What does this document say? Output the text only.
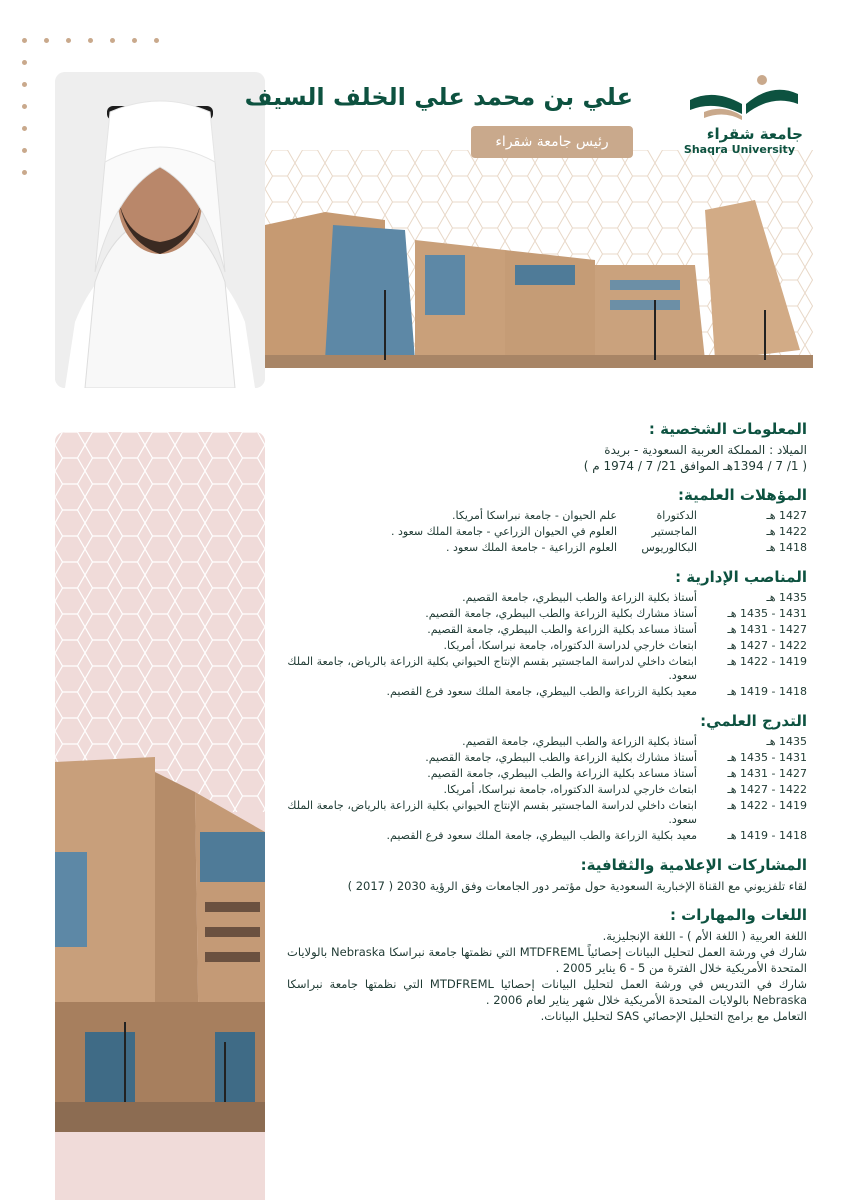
علي بن محمد علي الخلف السيف
رئيس جامعة شقراء	جامعة شقراء
Shaqra University
المعلومات الشخصية :
الميلاد : المملكة العربية السعودية - بريدة
( 1/ 7 / 1394هـ الموافق 21/ 7 / 1974 م )
المؤهلات العلمية:
1427 هـ	الدكتوراة	علم الحيوان - جامعة نبراسكا أمريكا.
1422 هـ	الماجستير	العلوم في الحيوان الزراعي - جامعة الملك سعود .
1418 هـ	البكالوريوس	العلوم الزراعية - جامعة الملك سعود .
المناصب الإدارية :
1435 هـ	أستاذ بكلية الزراعة والطب البيطري، جامعة القصيم.
1431 - 1435 هـ	أستاذ مشارك بكلية الزراعة والطب البيطري، جامعة القصيم.
1427 - 1431 هـ	أستاذ مساعد بكلية الزراعة والطب البيطري، جامعة القصيم.
1422 - 1427 هـ	ابتعاث خارجي لدراسة الدكتوراه، جامعة نبراسكا، أمريكا.
1419 - 1422 هـ	ابتعاث داخلي لدراسة الماجستير بقسم الإنتاج الحيواني بكلية الزراعة بالرياض، جامعة الملك سعود.
1418 - 1419 هـ	معيد بكلية الزراعة والطب البيطري، جامعة الملك سعود فرع القصيم.
التدرج العلمي:
1435 هـ	أستاذ بكلية الزراعة والطب البيطري، جامعة القصيم.
1431 - 1435 هـ	أستاذ مشارك بكلية الزراعة والطب البيطري، جامعة القصيم.
1427 - 1431 هـ	أستاذ مساعد بكلية الزراعة والطب البيطري، جامعة القصيم.
1422 - 1427 هـ	ابتعاث خارجي لدراسة الدكتوراه، جامعة نبراسكا، أمريكا.
1419 - 1422 هـ	ابتعاث داخلي لدراسة الماجستير بقسم الإنتاج الحيواني بكلية الزراعة بالرياض، جامعة الملك سعود.
1418 - 1419 هـ	معيد بكلية الزراعة والطب البيطري، جامعة الملك سعود فرع القصيم.
المشاركات الإعلامية والثقافية:
لقاء تلفزيوني مع القناة الإخبارية السعودية حول مؤتمر دور الجامعات وفق الرؤية 2030 ( 2017 )
اللغات والمهارات :
اللغة العربية ( اللغة الأم ) - اللغة الإنجليزية.
شارك في ورشة العمل لتحليل البيانات إحصائياً MTDFREML التي نظمتها جامعة نبراسكا Nebraska بالولايات المتحدة الأمريكية خلال الفترة من 5 - 6 يناير 2005 .
شارك في التدريس في ورشة العمل لتحليل البيانات إحصائيا MTDFREML التي نظمتها جامعة نبراسكا Nebraska بالولايات المتحدة الأمريكية خلال شهر يناير لعام 2006 .
التعامل مع برامج التحليل الإحصائي SAS لتحليل البيانات.
